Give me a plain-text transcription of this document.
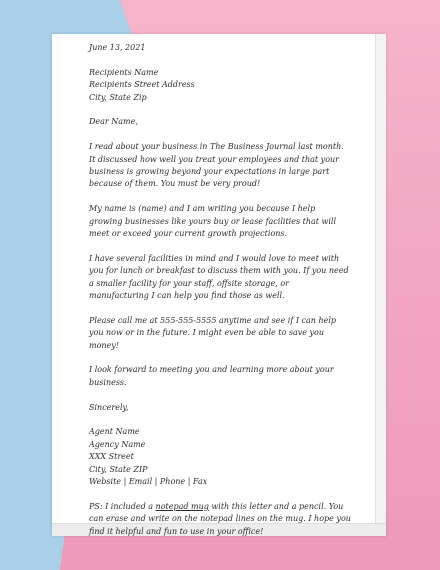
June 13, 2021

Recipients Name
Recipients Street Address
City, State Zip

Dear Name,

I read about your business in The Business Journal last month. It discussed how well you treat your employees and that your business is growing beyond your expectations in large part because of them. You must be very proud!

My name is (name) and I am writing you because I help growing businesses like yours buy or lease facilities that will meet or exceed your current growth projections.

I have several facilities in mind and I would love to meet with you for lunch or breakfast to discuss them with you. If you need a smaller facility for your staff, offsite storage, or manufacturing I can help you find those as well.

Please call me at 555-555-5555 anytime and see if I can help you now or in the future. I might even be able to save you money!

I look forward to meeting you and learning more about your business.

Sincerely,

Agent Name
Agency Name
XXX Street
City, State ZIP
Website | Email | Phone | Fax

PS: I included a notepad mug with this letter and a pencil. You can erase and write on the notepad lines on the mug. I hope you find it helpful and fun to use in your office!
